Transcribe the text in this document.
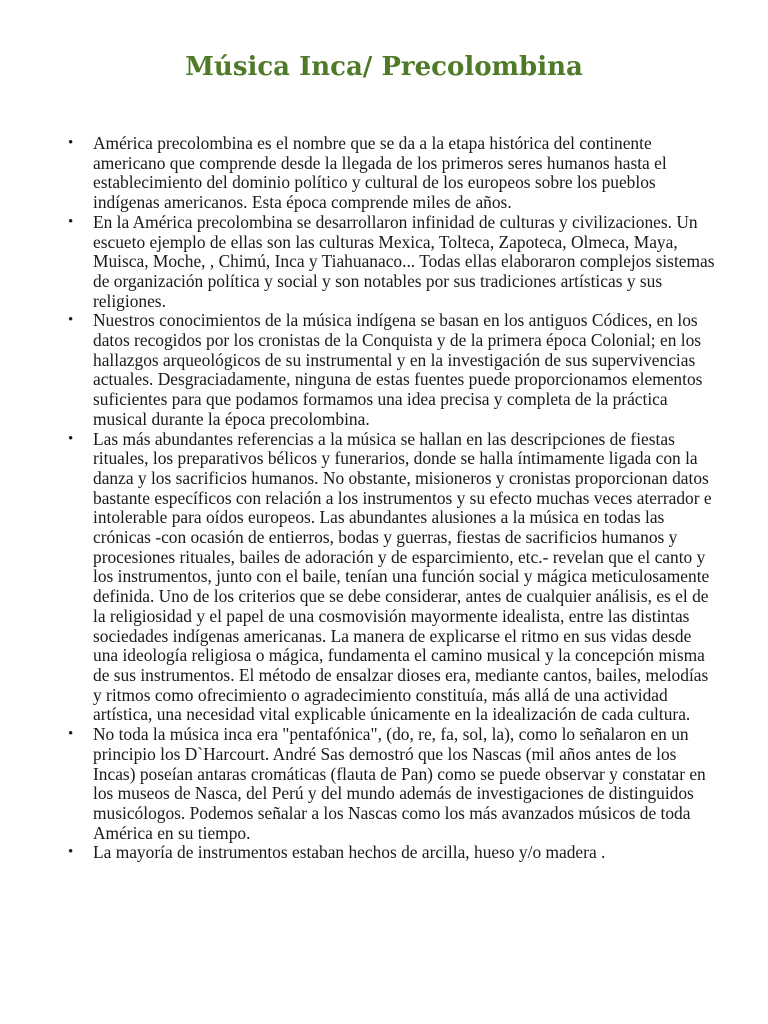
Música Inca/ Precolombina
• América precolombina es el nombre que se da a la etapa histórica del continente americano que comprende desde la llegada de los primeros seres humanos hasta el establecimiento del dominio político y cultural de los europeos sobre los pueblos indígenas americanos. Esta época comprende miles de años.
• En la América precolombina se desarrollaron infinidad de culturas y civilizaciones. Un escueto ejemplo de ellas son las culturas Mexica, Tolteca, Zapoteca, Olmeca, Maya, Muisca, Moche, , Chimú, Inca y Tiahuanaco... Todas ellas elaboraron complejos sistemas de organización política y social y son notables por sus tradiciones artísticas y sus religiones.
• Nuestros conocimientos de la música indígena se basan en los antiguos Códices, en los datos recogidos por los cronistas de la Conquista y de la primera época Colonial; en los hallazgos arqueológicos de su instrumental y en la investigación de sus supervivencias actuales. Desgraciadamente, ninguna de estas fuentes puede proporcionamos elementos suficientes para que podamos formamos una idea precisa y completa de la práctica musical durante la época precolombina.
• Las más abundantes referencias a la música se hallan en las descripciones de fiestas rituales, los preparativos bélicos y funerarios, donde se halla íntimamente ligada con la danza y los sacrificios humanos. No obstante, misioneros y cronistas proporcionan datos bastante específicos con relación a los instrumentos y su efecto muchas veces aterrador e intolerable para oídos europeos. Las abundantes alusiones a la música en todas las crónicas -con ocasión de entierros, bodas y guerras, fiestas de sacrificios humanos y procesiones rituales, bailes de adoración y de esparcimiento, etc.- revelan que el canto y los instrumentos, junto con el baile, tenían una función social y mágica meticulosamente definida. Uno de los criterios que se debe considerar, antes de cualquier análisis, es el de la religiosidad y el papel de una cosmovisión mayormente idealista, entre las distintas sociedades indígenas americanas. La manera de explicarse el ritmo en sus vidas desde una ideología religiosa o mágica, fundamenta el camino musical y la concepción misma de sus instrumentos. El método de ensalzar dioses era, mediante cantos, bailes, melodías y ritmos como ofrecimiento o agradecimiento constituía, más allá de una actividad artística, una necesidad vital explicable únicamente en la idealización de cada cultura.
• No toda la música inca era "pentafónica", (do, re, fa, sol, la), como lo señalaron en un principio los D`Harcourt. André Sas demostró que los Nascas (mil años antes de los Incas) poseían antaras cromáticas (flauta de Pan) como se puede observar y constatar en los museos de Nasca, del Perú y del mundo además de investigaciones de distinguidos musicólogos. Podemos señalar a los Nascas como los más avanzados músicos de toda América en su tiempo.
• La mayoría de instrumentos estaban hechos de arcilla, hueso y/o madera .
